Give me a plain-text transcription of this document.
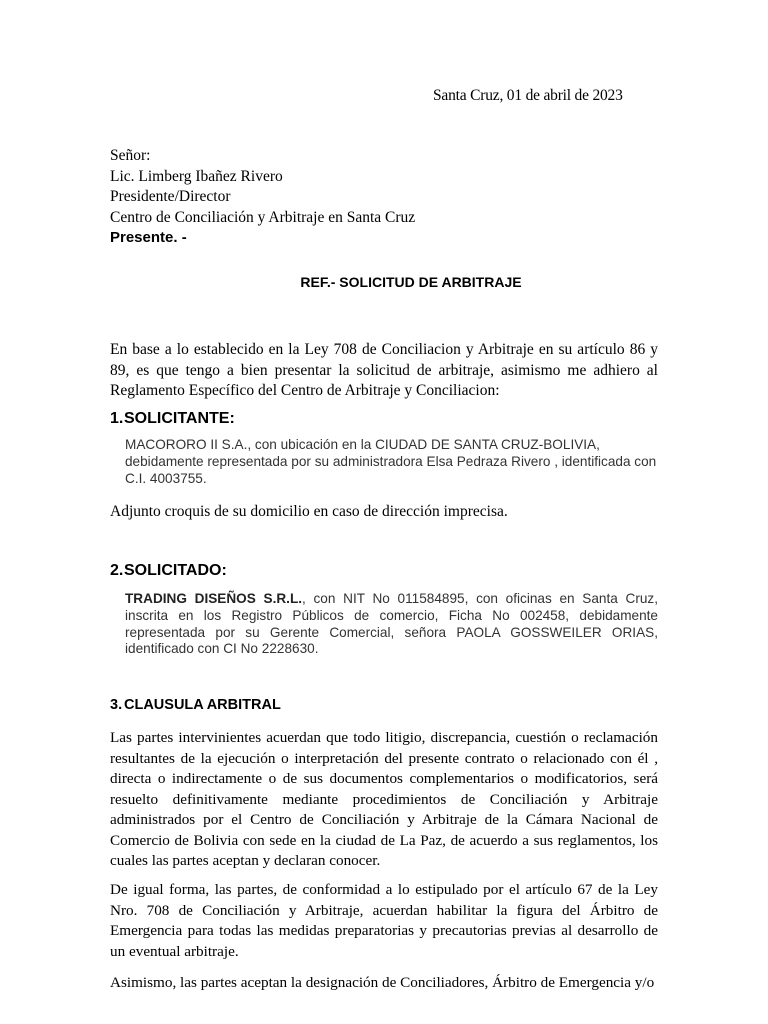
Santa Cruz, 01 de abril de 2023
Señor:
Lic. Limberg Ibañez Rivero
Presidente/Director
Centro de Conciliación y Arbitraje en Santa Cruz
Presente. -
REF.- SOLICITUD DE ARBITRAJE
En base a lo establecido en la Ley 708 de Conciliacion y Arbitraje en su artículo 86 y 89, es que tengo a bien presentar la solicitud de arbitraje, asimismo me adhiero al Reglamento Específico del Centro de Arbitraje y Conciliacion:
1.SOLICITANTE:
MACORORO II S.A., con ubicación en la CIUDAD DE SANTA CRUZ-BOLIVIA, debidamente representada por su administradora Elsa Pedraza Rivero , identificada con C.I. 4003755.
Adjunto croquis de su domicilio en caso de dirección imprecisa.
2.SOLICITADO:
TRADING DISEÑOS S.R.L., con NIT No 011584895, con oficinas en Santa Cruz, inscrita en los Registro Públicos de comercio, Ficha No 002458, debidamente representada por su Gerente Comercial, señora PAOLA GOSSWEILER ORIAS, identificado con CI No 2228630.
3. CLAUSULA ARBITRAL
Las partes intervinientes acuerdan que todo litigio, discrepancia, cuestión o reclamación resultantes de la ejecución o interpretación del presente contrato o relacionado con él , directa o indirectamente o de sus documentos complementarios o modificatorios, será resuelto definitivamente mediante procedimientos de Conciliación y Arbitraje administrados por el Centro de Conciliación y Arbitraje de la Cámara Nacional de Comercio de Bolivia con sede en la ciudad de La Paz, de acuerdo a sus reglamentos, los cuales las partes aceptan y declaran conocer.
De igual forma, las partes, de conformidad a lo estipulado por el artículo 67 de la Ley Nro. 708 de Conciliación y Arbitraje, acuerdan habilitar la figura del Árbitro de Emergencia para todas las medidas preparatorias y precautorias previas al desarrollo de un eventual arbitraje.
Asimismo, las partes aceptan la designación de Conciliadores, Árbitro de Emergencia y/o
